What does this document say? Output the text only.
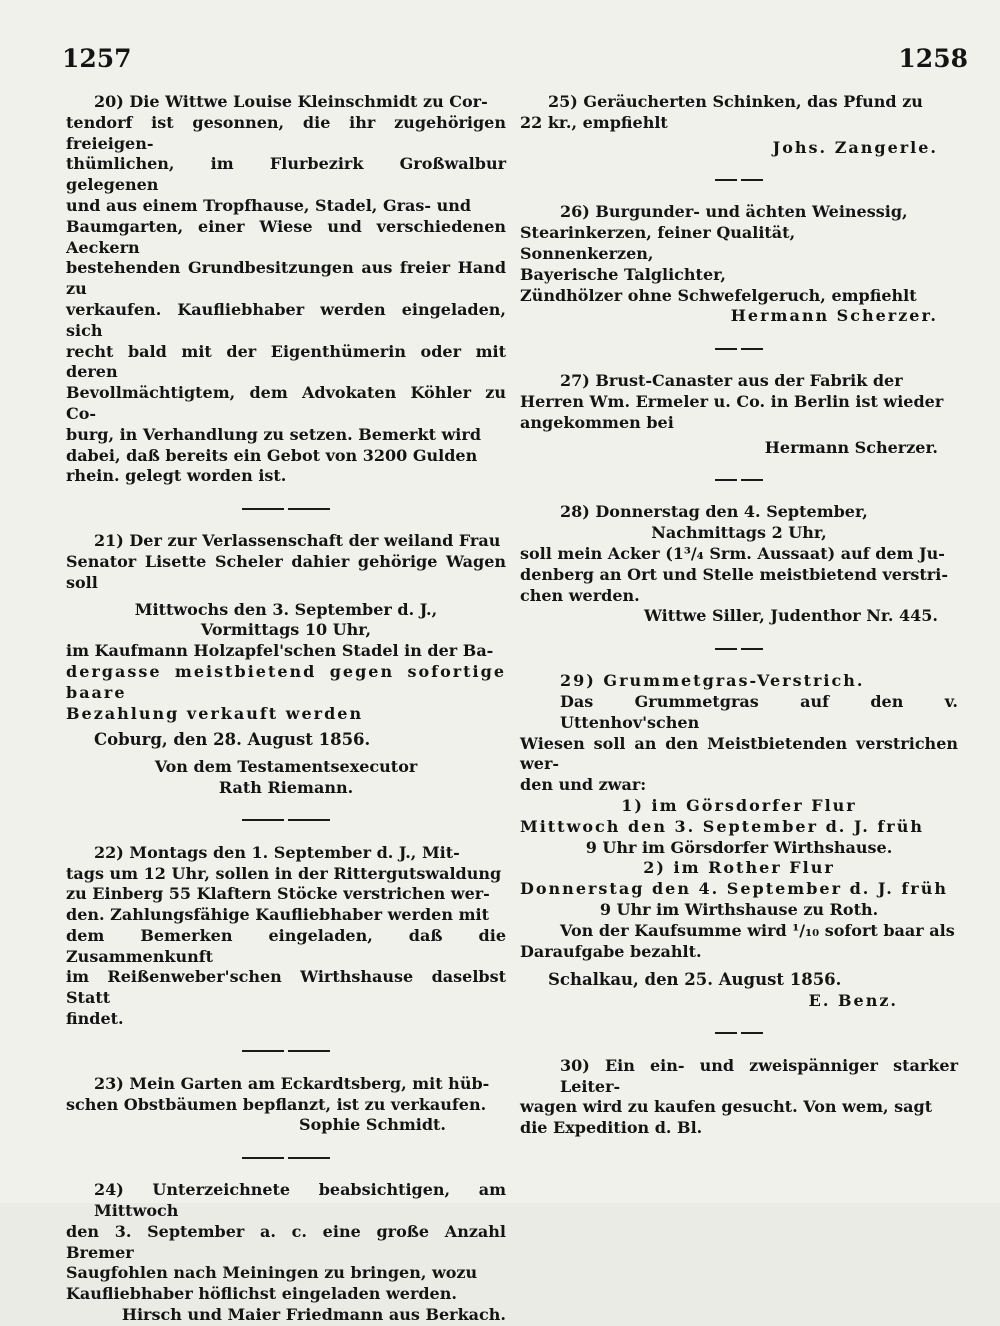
1257	1258
20) Die Wittwe Louise Kleinschmidt zu Cor-
tendorf ist gesonnen, die ihr zugehörigen freieigen-
thümlichen, im Flurbezirk Großwalbur gelegenen
und aus einem Tropfhause, Stadel, Gras- und
Baumgarten, einer Wiese und verschiedenen Aeckern
bestehenden Grundbesitzungen aus freier Hand zu
verkaufen. Kaufliebhaber werden eingeladen, sich
recht bald mit der Eigenthümerin oder mit deren
Bevollmächtigtem, dem Advokaten Köhler zu Co-
burg, in Verhandlung zu setzen. Bemerkt wird
dabei, daß bereits ein Gebot von 3200 Gulden
rhein. gelegt worden ist.
21) Der zur Verlassenschaft der weiland Frau
Senator Lisette Scheler dahier gehörige Wagen soll
Mittwochs den 3. September d. J.,
Vormittags 10 Uhr,
im Kaufmann Holzapfel'schen Stadel in der Ba-
dergasse meistbietend gegen sofortige baare
Bezahlung verkauft werden
Coburg, den 28. August 1856.
Von dem Testamentsexecutor
Rath Riemann.
22) Montags den 1. September d. J., Mit-
tags um 12 Uhr, sollen in der Rittergutswaldung
zu Einberg 55 Klaftern Stöcke verstrichen wer-
den. Zahlungsfähige Kaufliebhaber werden mit
dem Bemerken eingeladen, daß die Zusammenkunft
im Reißenweber'schen Wirthshause daselbst Statt
findet.
23) Mein Garten am Eckardtsberg, mit hüb-
schen Obstbäumen bepflanzt, ist zu verkaufen.
Sophie Schmidt.
24) Unterzeichnete beabsichtigen, am Mittwoch
den 3. September a. c. eine große Anzahl Bremer
Saugfohlen nach Meiningen zu bringen, wozu
Kaufliebhaber höflichst eingeladen werden.
Hirsch und Maier Friedmann aus Berkach.
25) Geräucherten Schinken, das Pfund zu
22 kr., empfiehlt
Johs. Zangerle.
26) Burgunder- und ächten Weinessig,
Stearinkerzen, feiner Qualität,
Sonnenkerzen,
Bayerische Talglichter,
Zündhölzer ohne Schwefelgeruch, empfiehlt
Hermann Scherzer.
27) Brust-Canaster aus der Fabrik der
Herren Wm. Ermeler u. Co. in Berlin ist wieder
angekommen bei
Hermann Scherzer.
28) Donnerstag den 4. September,
Nachmittags 2 Uhr,
soll mein Acker (1³/₄ Srm. Aussaat) auf dem Ju-
denberg an Ort und Stelle meistbietend verstri-
chen werden.
Wittwe Siller, Judenthor Nr. 445.
29) Grummetgras-Verstrich.
Das Grummetgras auf den v. Uttenhov'schen
Wiesen soll an den Meistbietenden verstrichen wer-
den und zwar:
1) im Görsdorfer Flur
Mittwoch den 3. September d. J. früh
9 Uhr im Görsdorfer Wirthshause.
2) im Rother Flur
Donnerstag den 4. September d. J. früh
9 Uhr im Wirthshause zu Roth.
Von der Kaufsumme wird ¹/₁₀ sofort baar als
Daraufgabe bezahlt.
Schalkau, den 25. August 1856.
E. Benz.
30) Ein ein- und zweispänniger starker Leiter-
wagen wird zu kaufen gesucht. Von wem, sagt
die Expedition d. Bl.
